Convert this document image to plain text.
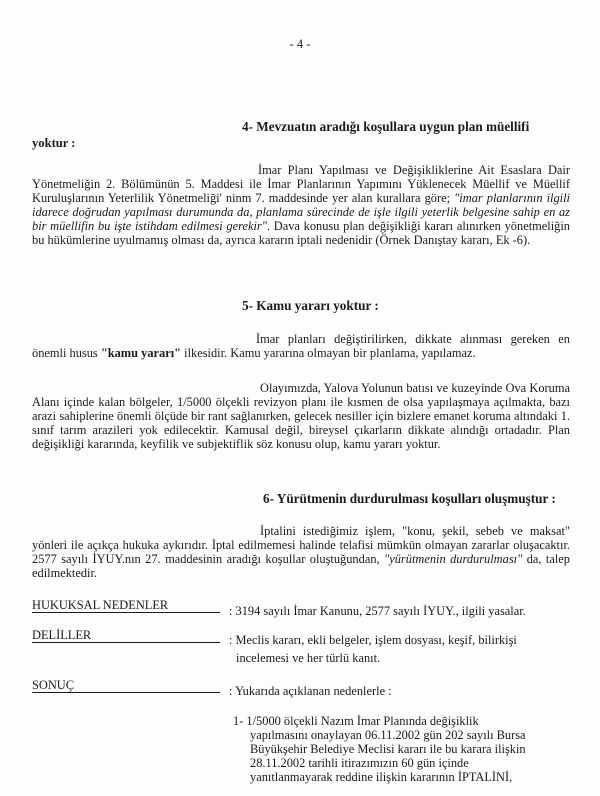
- 4 -
4- Mevzuatın aradığı koşullara uygun plan müellifi
yoktur :
İmar Planı Yapılması ve Değişikliklerine Ait Esaslara Dair Yönetmeliğin 2. Bölümünün 5. Maddesi ile İmar Planlarının Yapımını Yüklenecek Müellif ve Müellif Kuruluşlarının Yeterlilik Yönetmeliği' ninm 7. maddesinde yer alan kurallara göre; "imar planlarının ilgili idarece doğrudan yapılması durumunda da, planlama sürecinde de işle ilgili yeterlik belgesine sahip en az bir müellifin bu işte istihdam edilmesi gerekir". Dava konusu plan değişikliği kararı alınırken yönetmeliğin bu hükümlerine uyulmamış olması da, ayrıca kararın iptali nedenidir (Örnek Danıştay kararı, Ek -6).
5- Kamu yararı yoktur :
İmar planları değiştirilirken, dikkate alınması gereken en önemli husus "kamu yararı" ilkesidir. Kamu yararına olmayan bir planlama, yapılamaz.
Olayımızda, Yalova Yolunun batısı ve kuzeyinde Ova Koruma Alanı içinde kalan bölgeler, 1/5000 ölçekli revizyon planı ile kısmen de olsa yapılaşmaya açılmakta, bazı arazi sahiplerine önemli ölçüde bir rant sağlanırken, gelecek nesiller için bizlere emanet koruma altındaki 1. sınıf tarım arazileri yok edilecektir. Kamusal değil, bireysel çıkarların dikkate alındığı ortadadır. Plan değişikliği kararında, keyfilik ve subjektiflik söz konusu olup, kamu yararı yoktur.
6- Yürütmenin durdurulması koşulları oluşmuştur :
İptalini istediğimiz işlem, "konu, şekil, sebeb ve maksat" yönleri ile açıkça hukuka aykırıdır. İptal edilmemesi halinde telafisi mümkün olmayan zararlar oluşacaktır. 2577 sayılı İYUY.nın 27. maddesinin aradığı koşullar oluştuğundan, "yürütmenin durdurulması" da, talep edilmektedir.
HUKUKSAL NEDENLER	: 3194 sayılı İmar Kanunu, 2577 sayılı İYUY., ilgili yasalar.
DELİLLER	: Meclis kararı, ekli belgeler, işlem dosyası, keşif, bilirkişi
incelemesi ve her türlü kanıt.
SONUÇ	: Yukarıda açıklanan nedenlerle :
1- 1/5000 ölçekli Nazım İmar Planında değişiklik
yapılmasını onaylayan 06.11.2002 gün 202 sayılı Bursa
Büyükşehir Belediye Meclisi kararı ile bu karara ilişkin
28.11.2002 tarihli itirazımızın 60 gün içinde
yanıtlanmayarak reddine ilişkin kararının İPTALİNİ,
